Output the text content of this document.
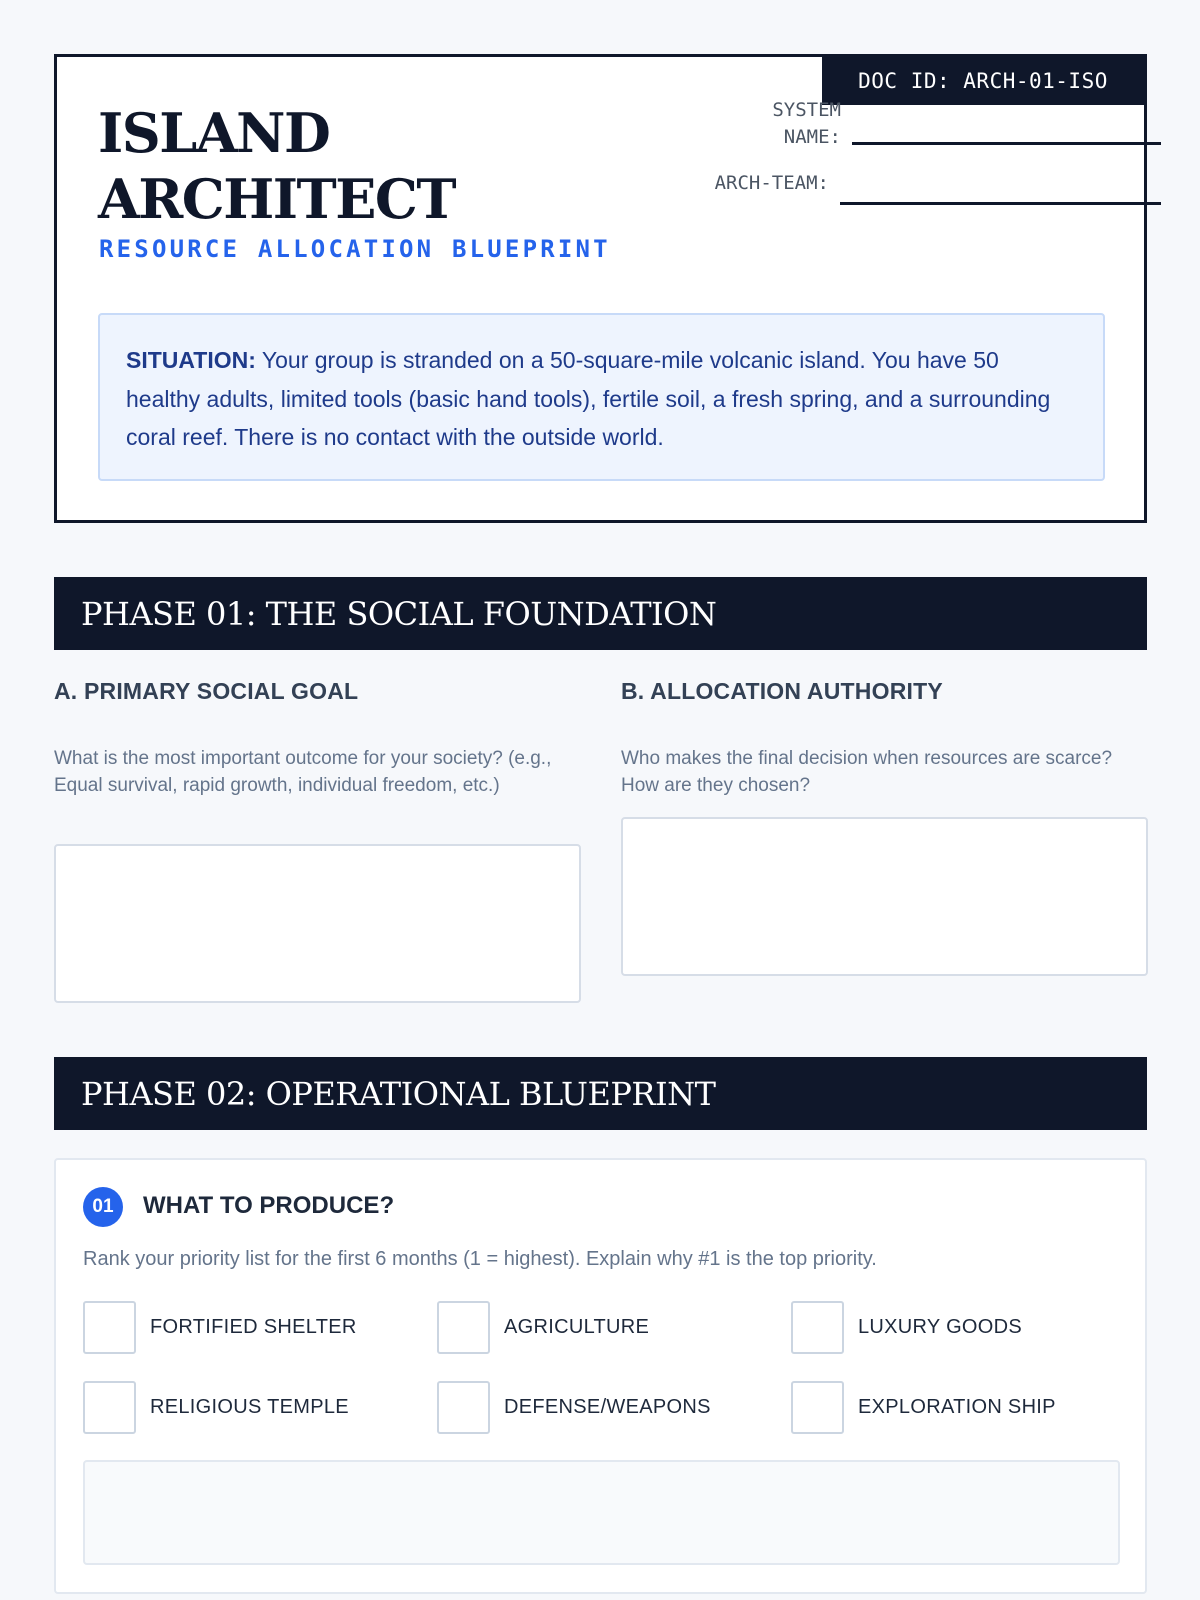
DOC ID: ARCH-01-ISO
ISLAND
ARCHITECT
RESOURCE ALLOCATION BLUEPRINT
SYSTEM
NAME:
ARCH-TEAM:
SITUATION: Your group is stranded on a 50-square-mile volcanic island. You have 50 healthy adults, limited tools (basic hand tools), fertile soil, a fresh spring, and a surrounding coral reef. There is no contact with the outside world.
PHASE 01: THE SOCIAL FOUNDATION
A. PRIMARY SOCIAL GOAL

What is the most important outcome for your society? (e.g., Equal survival, rapid growth, individual freedom, etc.)

B. ALLOCATION AUTHORITY

Who makes the final decision when resources are scarce? How are they chosen?

PHASE 02: OPERATIONAL BLUEPRINT
01	WHAT TO PRODUCE?
Rank your priority list for the first 6 months (1 = highest). Explain why #1 is the top priority.
FORTIFIED SHELTER	AGRICULTURE	LUXURY GOODS
RELIGIOUS TEMPLE	DEFENSE/WEAPONS	EXPLORATION SHIP
